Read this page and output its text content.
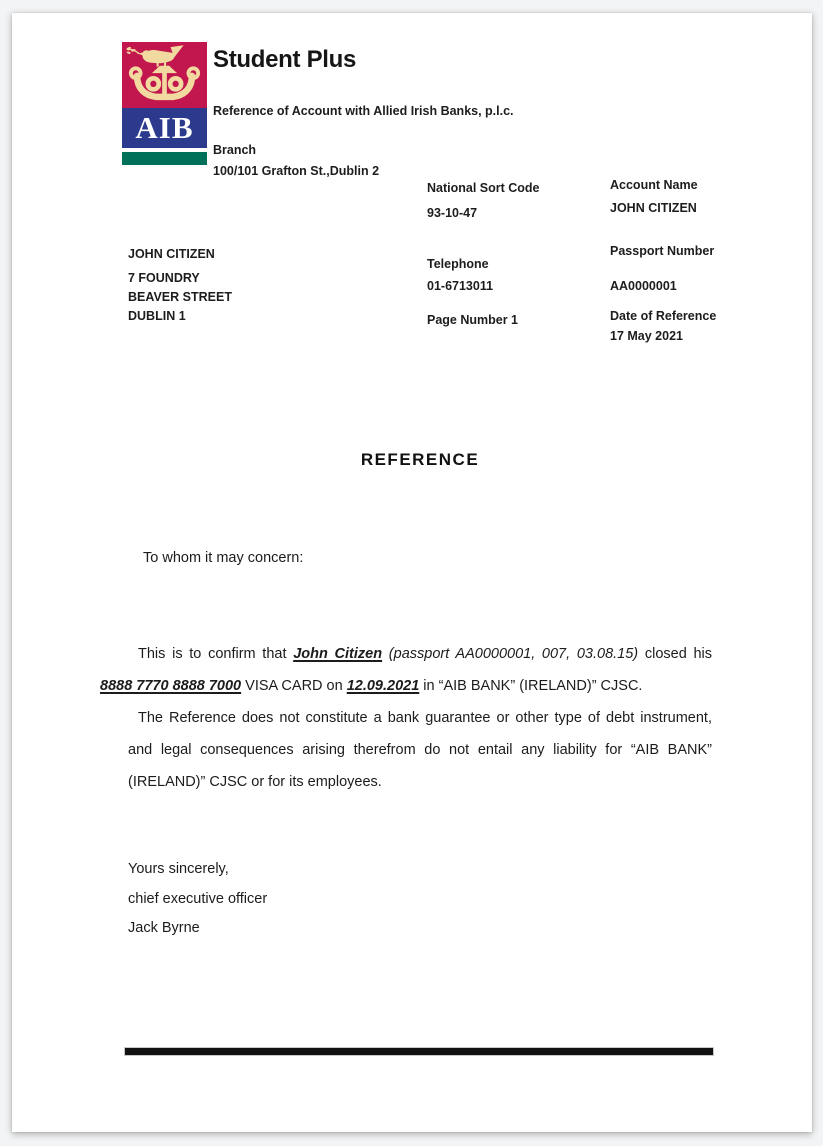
AIB
Student Plus
Reference of Account with Allied Irish Banks, p.l.c.
Branch
100/101 Grafton St.,Dublin 2
National Sort Code
93-10-47
Telephone
01-6713011
Page Number 1
Account Name
JOHN CITIZEN
Passport Number
AA0000001
Date of Reference
17 May 2021
JOHN CITIZEN
7 FOUNDRY
BEAVER STREET
DUBLIN 1
REFERENCE
To whom it may concern:

This is to confirm that John Citizen (passport AA0000001, 007, 03.08.15) closed his 8888 7770 8888 7000 VISA CARD on 12.09.2021 in “AIB BANK” (IRELAND)” CJSC.

The Reference does not constitute a bank guarantee or other type of debt instrument, and legal consequences arising therefrom do not entail any liability for “AIB BANK” (IRELAND)” CJSC or for its employees.

Yours sincerely,
chief executive officer
Jack Byrne
